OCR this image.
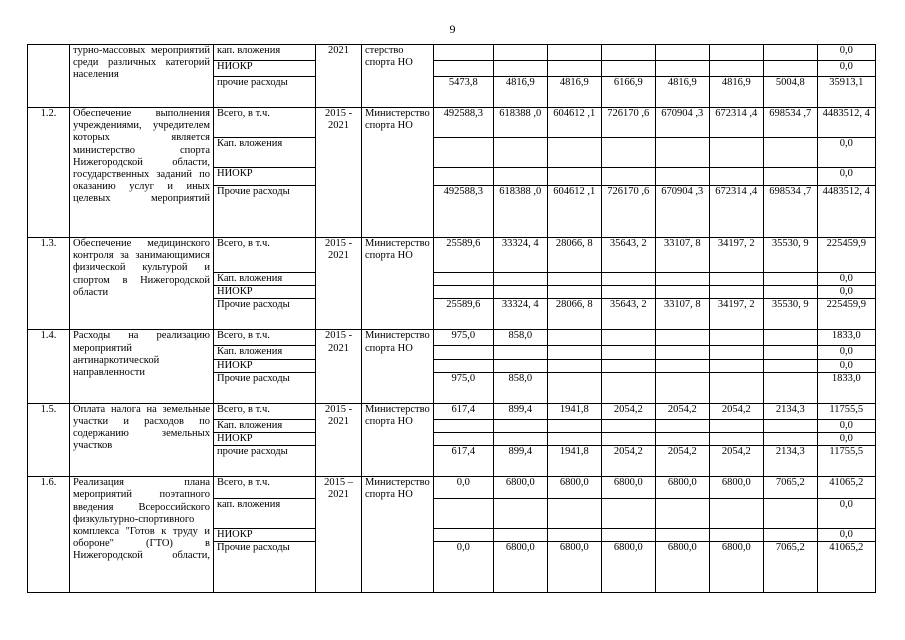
9
	турно-массовых мероприятий среди различных категорий населения	кап. вложения	2021	стерство спорта НО								0,0
		НИОКР										0,0
		прочие расходы			5473,8	4816,9	4816,9	6166,9	4816,9	4816,9	5004,8	35913,1
1.2.	Обеспечение выполнения учреждениями, учредителем которых является министерство спорта Нижегородской области, государственных заданий по оказанию услуг и иных целевых мероприятий	Всего, в т.ч.	2015 - 2021	Министерство спорта НО	492588,3	618388 ,0	604612 ,1	726170 ,6	670904 ,3	672314 ,4	698534 ,7	4483512, 4
		Кап. вложения										0,0
		НИОКР										0,0
		Прочие расходы			492588,3	618388 ,0	604612 ,1	726170 ,6	670904 ,3	672314 ,4	698534 ,7	4483512, 4
1.3.	Обеспечение медицинского контроля за занимающимися физической культурой и спортом в Нижегородской области	Всего, в т.ч.	2015 - 2021	Министерство спорта НО	25589,6	33324, 4	28066, 8	35643, 2	33107, 8	34197, 2	35530, 9	225459,9
		Кап. вложения										0,0
		НИОКР										0,0
		Прочие расходы			25589,6	33324, 4	28066, 8	35643, 2	33107, 8	34197, 2	35530, 9	225459,9
1.4.	Расходы на реализацию мероприятий антинаркотической направленности	Всего, в т.ч.	2015 - 2021	Министерство спорта НО	975,0	858,0						1833,0
		Кап. вложения										0,0
		НИОКР										0,0
		Прочие расходы			975,0	858,0						1833,0
1.5.	Оплата налога на земельные участки и расходов по содержанию земельных участков	Всего, в т.ч.	2015 - 2021	Министерство спорта НО	617,4	899,4	1941,8	2054,2	2054,2	2054,2	2134,3	11755,5
		Кап. вложения										0,0
		НИОКР										0,0
		прочие расходы			617,4	899,4	1941,8	2054,2	2054,2	2054,2	2134,3	11755,5
1.6.	Реализация плана мероприятий поэтапного введения Всероссийского физкультурно-спортивного комплекса "Готов к труду и обороне" (ГТО) в Нижегородской области,	Всего, в т.ч.	2015 – 2021	Министерство спорта НО	0,0	6800,0	6800,0	6800,0	6800,0	6800,0	7065,2	41065,2
		кап. вложения										0,0
		НИОКР										0,0
		Прочие расходы			0,0	6800,0	6800,0	6800,0	6800,0	6800,0	7065,2	41065,2
